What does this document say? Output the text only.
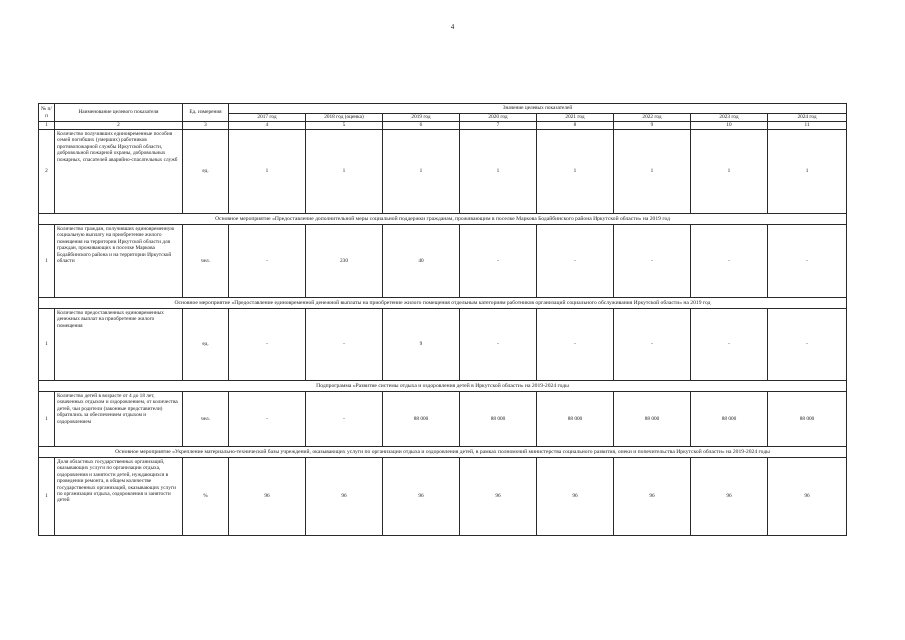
4
№ п/п	Наименование целевого показателя	Ед. измерения	Значение целевых показателей							
			2017 год	2018 год (оценка)	2019 год	2020 год	2021 год	2022 год	2023 год	2024 год
1	2	3	4	5	6	7	8	9	10	11
2	Количество получивших единовременные пособия семей погибших (умерших) работников противопожарной службы Иркутской области, добровольной пожарной охраны, добровольных пожарных, спасателей аварийно-спасательных служб	ед.	1	1	1	1	1	1	1	1
Основное мероприятие «Предоставление дополнительной меры социальной поддержки гражданам, проживающим в поселке Маркова Бодайбинского района Иркутской области» на 2019 год										
1	Количество граждан, получивших единовременную социальную выплату на приобретение жилого помещения на территории Иркутской области для граждан, проживающих в поселке Маркова Бодайбинского района и на территории Иркутской области	чел.	-	230	40	-	-	-	-	-
Основное мероприятие «Предоставление единовременной денежной выплаты на приобретение жилого помещения отдельным категориям работников организаций социального обслуживания Иркутской области» на 2019 год										
1	Количество предоставленных единовременных денежных выплат на приобретение жилого помещения	ед.	-	-	9	-	-	-	-	-
Подпрограмма «Развитие системы отдыха и оздоровления детей в Иркутской области» на 2019-2024 годы										
1	Количество детей в возрасте от 4 до 18 лет, охваченных отдыхом и оздоровлением, от количества детей, чьи родители (законные представители) обратились за обеспечением отдыхом и оздоровлением	чел.	-	-	88 000	88 000	88 000	88 000	88 000	88 000
Основное мероприятие «Укрепление материально-технической базы учреждений, оказывающих услуги по организации отдыха и оздоровления детей, в рамках полномочий министерства социального развития, опеки и попечительства Иркутской области» на 2019-2024 годы										
1	Доля областных государственных организаций, оказывающих услуги по организации отдыха, оздоровления и занятости детей, нуждающихся в проведении ремонта, в общем количестве государственных организаций, оказывающих услуги по организации отдыха, оздоровления и занятости детей	%	96	96	96	96	96	96	96	96
